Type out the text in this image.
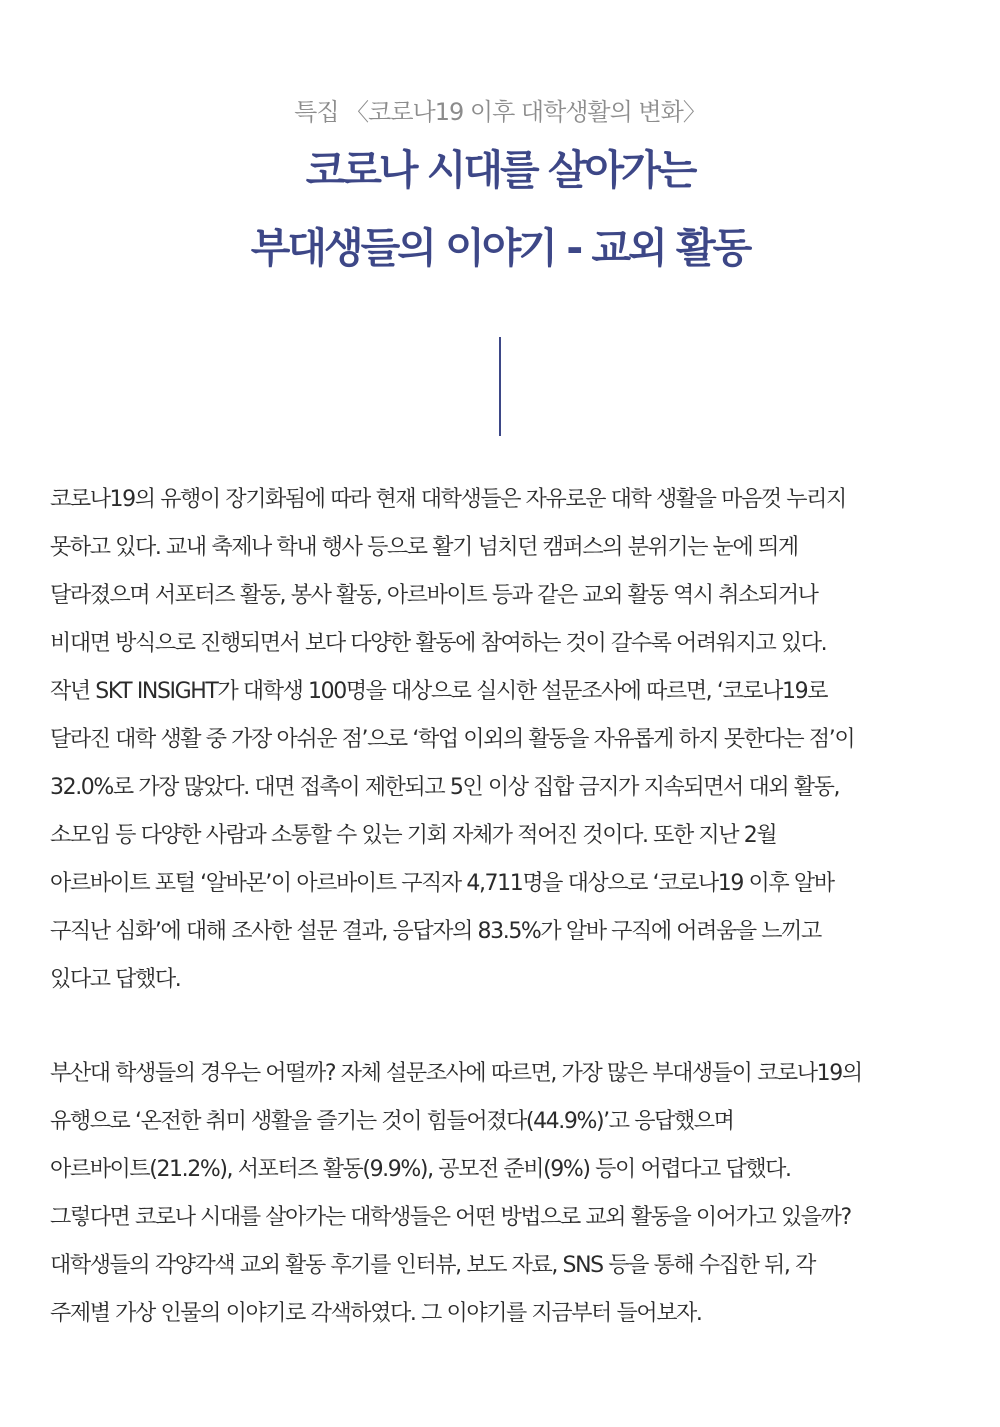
특집 〈코로나19 이후 대학생활의 변화〉
코로나 시대를 살아가는
부대생들의 이야기 - 교외 활동
코로나19의 유행이 장기화됨에 따라 현재 대학생들은 자유로운 대학 생활을 마음껏 누리지
못하고 있다. 교내 축제나 학내 행사 등으로 활기 넘치던 캠퍼스의 분위기는 눈에 띄게
달라졌으며 서포터즈 활동, 봉사 활동, 아르바이트 등과 같은 교외 활동 역시 취소되거나
비대면 방식으로 진행되면서 보다 다양한 활동에 참여하는 것이 갈수록 어려워지고 있다.
작년 SKT INSIGHT가 대학생 100명을 대상으로 실시한 설문조사에 따르면, ‘코로나19로
달라진 대학 생활 중 가장 아쉬운 점’으로 ‘학업 이외의 활동을 자유롭게 하지 못한다는 점’이
32.0%로 가장 많았다. 대면 접촉이 제한되고 5인 이상 집합 금지가 지속되면서 대외 활동,
소모임 등 다양한 사람과 소통할 수 있는 기회 자체가 적어진 것이다. 또한 지난 2월
아르바이트 포털 ‘알바몬’이 아르바이트 구직자 4,711명을 대상으로 ‘코로나19 이후 알바
구직난 심화’에 대해 조사한 설문 결과, 응답자의 83.5%가 알바 구직에 어려움을 느끼고
있다고 답했다.
부산대 학생들의 경우는 어떨까? 자체 설문조사에 따르면, 가장 많은 부대생들이 코로나19의
유행으로 ‘온전한 취미 생활을 즐기는 것이 힘들어졌다(44.9%)’고 응답했으며
아르바이트(21.2%), 서포터즈 활동(9.9%), 공모전 준비(9%) 등이 어렵다고 답했다.
그렇다면 코로나 시대를 살아가는 대학생들은 어떤 방법으로 교외 활동을 이어가고 있을까?
대학생들의 각양각색 교외 활동 후기를 인터뷰, 보도 자료, SNS 등을 통해 수집한 뒤, 각
주제별 가상 인물의 이야기로 각색하였다. 그 이야기를 지금부터 들어보자.
